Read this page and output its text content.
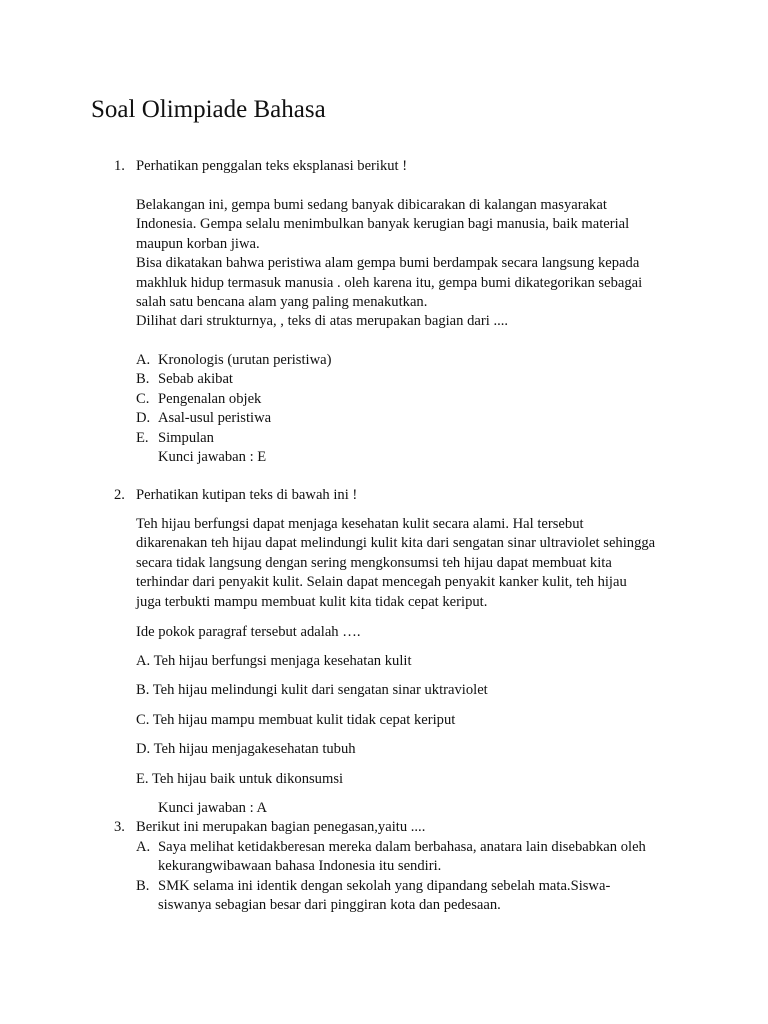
Soal Olimpiade Bahasa
1. Perhatikan penggalan teks eksplanasi berikut !

Belakangan ini, gempa bumi sedang banyak dibicarakan di kalangan masyarakat

Indonesia. Gempa selalu menimbulkan banyak kerugian bagi manusia, baik material

maupun korban jiwa.

Bisa dikatakan bahwa peristiwa alam gempa bumi berdampak secara langsung kepada

makhluk hidup termasuk manusia . oleh karena itu, gempa bumi dikategorikan sebagai

salah satu bencana alam yang paling menakutkan.

Dilihat dari strukturnya, , teks di atas merupakan bagian dari ....

A. Kronologis (urutan peristiwa)
B. Sebab akibat
C. Pengenalan objek
D. Asal-usul peristiwa
E. Simpulan
Kunci jawaban : E
2. Perhatikan kutipan teks di bawah ini !

Teh hijau berfungsi dapat menjaga kesehatan kulit secara alami. Hal tersebut

dikarenakan teh hijau dapat melindungi kulit kita dari sengatan sinar ultraviolet sehingga

secara tidak langsung dengan sering mengkonsumsi teh hijau dapat membuat kita

terhindar dari penyakit kulit. Selain dapat mencegah penyakit kanker kulit, teh hijau

juga terbukti mampu membuat kulit kita tidak cepat keriput.

Ide pokok paragraf tersebut adalah ….
A. Teh hijau berfungsi menjaga kesehatan kulit
B. Teh hijau melindungi kulit dari sengatan sinar uktraviolet
C. Teh hijau mampu membuat kulit tidak cepat keriput
D. Teh hijau menjagakesehatan tubuh
E. Teh hijau baik untuk dikonsumsi
Kunci jawaban : A
3. Berikut ini merupakan bagian penegasan,yaitu ....
A. Saya melihat ketidakberesan mereka dalam berbahasa, anatara lain disebabkan oleh
kekurangwibawaan bahasa Indonesia itu sendiri.
B. SMK selama ini identik dengan sekolah yang dipandang sebelah mata.Siswa-
siswanya sebagian besar dari pinggiran kota dan pedesaan.
